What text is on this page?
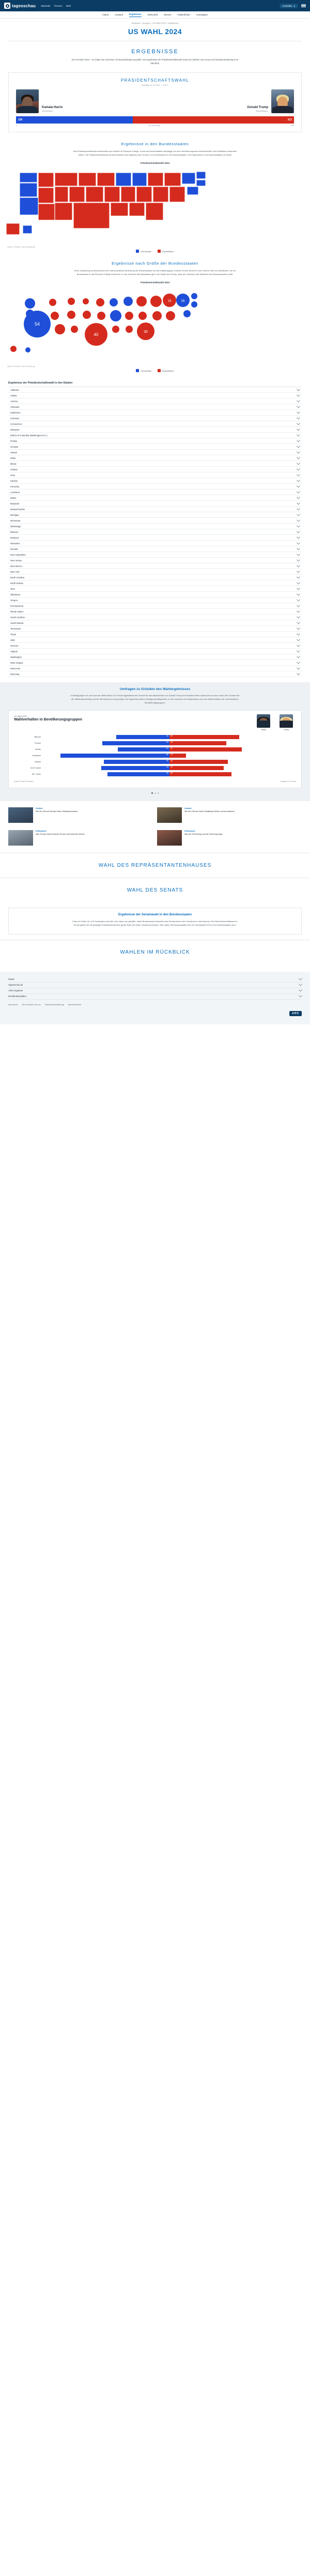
tagesschau Startseite Themen Mehr	Anmelden ●
Inland	Ausland	Ergebnisse	Wirtschaft	Wissen	Faktenfinder	Investigativ
Startseite > Ausland > US-Wahl 2024 > Ergebnisse
US WAHL 2024
ERGEBNISSE

Die US-Wahl 2024 – So haben die einzelnen US-Bundesstaaten gewählt. Die Ergebnisse der Präsidentschaftswahl sowie der Wahlen zum Senat und Repräsentantenhaus im Überblick.

PRÄSIDENTSCHAFTSWAHL
Wahltag: 05.11.2024 — 8:42 h
Kamala Harris
Demokraten
Donald Trump
Republikaner
226	312
0	270 zum Sieg	538
Ergebnisse in den Bundesstaaten

Das Präsidentschaftswahl entscheidet sich letztlich im Electoral College. In das die Bundesstaaten abhängig von ihrer Bevölkerungszahl unterschiedlich viele Wahlleute entsenden dürfen. Die Präsidentschaftswahl ist damit letztlich das Ergebnis einer Summe von Einzelwahlen in den Bundesstaaten. Die Ergebnisse in den Bundesstaaten im Detail:

Präsidentschaftswahl 2024
Quelle: AP/Stand: nach Auszählung
Demokraten	Republikaner
Ergebnisse nach Größe der Bundesstaaten

Diese Darstellung veranschaulicht die unterschiedliche Bedeutung der Bundesstaaten für den Wahlausgang. Größere Kreise stehen für eine höhere Zahl von Wahlleuten, die ein Bundesstaat in das Electoral College entsendet. In den einzelnen Bundesstaaten gilt in der Regel das Prinzip, dass der Gewinner alle Wahlleute des Bundesstaates erhält.

Präsidentschaftswahl 2024
54
40
30
19	28
Quelle: AP/Stand: nach Auszählung
Demokraten	Republikaner
Ergebnisse der Präsidentschaftswahl in den Staaten
Alabama
Alaska
Arizona
Arkansas
Kalifornien
Colorado
Connecticut
Delaware
District of Columbia (Washington D.C.)
Florida
Georgia
Hawaii
Idaho
Illinois
Indiana
Iowa
Kansas
Kentucky
Louisiana
Maine
Maryland
Massachusetts
Michigan
Minnesota
Mississippi
Missouri
Montana
Nebraska
Nevada
New Hampshire
New Jersey
New Mexico
New York
North Carolina
North Dakota
Ohio
Oklahoma
Oregon
Pennsylvania
Rhode Island
South Carolina
South Dakota
Tennessee
Texas
Utah
Vermont
Virginia
Washington
West Virginia
Wisconsin
Wyoming
Umfragen zu Gründen des Wahlergebnisses

In Befragungen vor und nach der Wahl haben US-Forschungsinstitute die Gründe für das Abschneiden von Donald Trump und Kamala Harris untersucht und auch nach den Gründen für die Wahlentscheidung und die Stimmung im Land gefragt. Die Ergebnisse liefern wichtige Anhaltspunkte zu den Ursachen des Ergebnisses und zum Wahlverhalten der verschiedenen Bevölkerungsgruppen.

US Wahl 2024
Wahlverhalten in Bevölkerungsgruppen
Harris	Trump
Männer	42	55
Frauen	53	45
Weiße	41	57
Schwarze	86	13
Latinos	52	46
18-29 Jahre	54	43
65+ Jahre	49	49
Quelle: Edison Research	Angaben in Prozent
Analyse
Wie die USA auf Kamala Harris' Wahlkampf blicken
Analyse
Wie die USA auf Harris' Wahlkampf blicken und wie weiterhin
Hintergrund
Was Trumps zweite Amtszeit für das Land bedeuten könnte
Hintergrund
Was die USA bewegt und die Stimmung prägt
WAHL DES REPRÄSENTANTENHAUSES
WAHL DES SENATS
Ergebnisse der Senatswahl in den Bundesstaaten

Etwa ein Drittel der 100 Senatssitze wird alle zwei Jahre neu gewählt. Jeder Bundesstaat entsendet zwei Senatorinnen oder Senatoren in die Kammer. Die Mehrheitsverhältnisse im Senat spielen für die jeweilige Präsidentschaft eine große Rolle bei vielen Gesetzesvorhaben. Wie haben die Bundesstaaten bei der Senatswahl 2024 in den Bundesstaaten aus?

WAHLEN IM RÜCKBLICK
Inland
Tagesschau.de
ARD-Angebote
Rundfunkanstalten
Impressum Sie erreichen Sie uns Datenschutzerklärung Barrierefreiheit
ARD
